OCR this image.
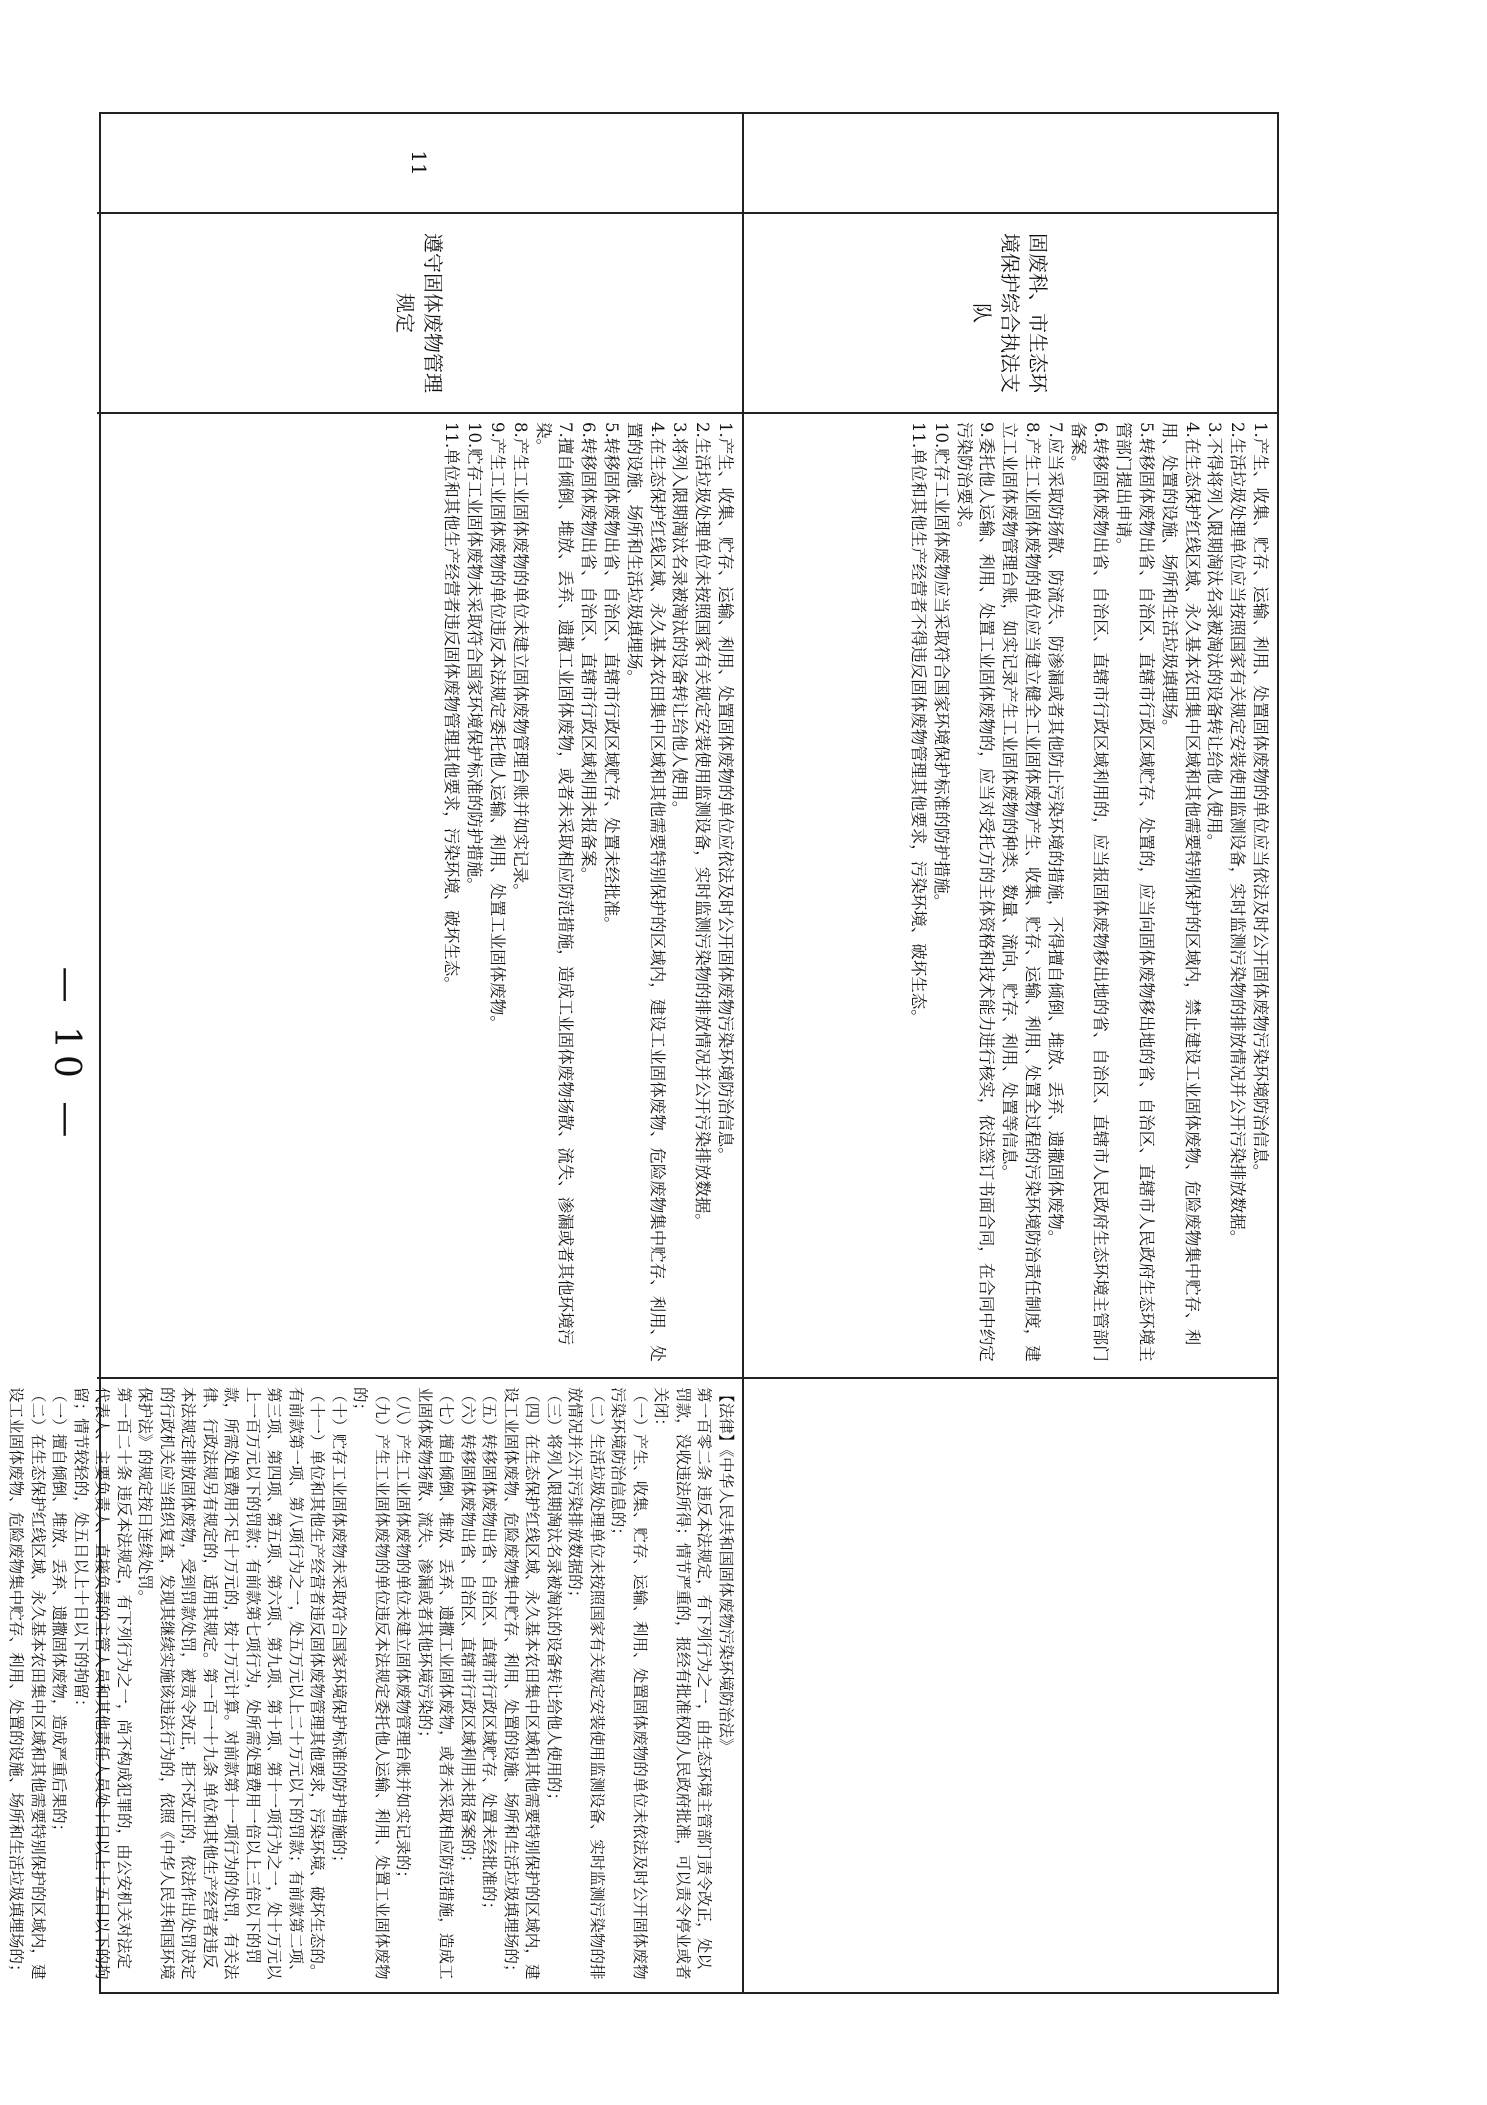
固废科、市生态环境保护综合执法支队

1.产生、收集、贮存、运输、利用、处置固体废物的单位应当依法及时公开固体废物污染环境防治信息。
2.生活垃圾处理单位应当按照国家有关规定安装使用监测设备，实时监测污染物的排放情况并公开污染排放数据。
3.不得将列入限期淘汰名录被淘汰的设备转让给他人使用。
4.在生态保护红线区域、永久基本农田集中区域和其他需要特别保护的区域内，禁止建设工业固体废物、危险废物集中贮存、利用、处置的设施、场所和生活垃圾填埋场。
5.转移固体废物出省、自治区、直辖市行政区域贮存、处置的，应当向固体废物移出地的省、自治区、直辖市人民政府生态环境主管部门提出申请。
6.转移固体废物出省、自治区、直辖市行政区域利用的，应当报固体废物移出地的省、自治区、直辖市人民政府生态环境主管部门备案。
7.应当采取防扬散、防流失、防渗漏或者其他防止污染环境的措施，不得擅自倾倒、堆放、丢弃、遗撒固体废物。
8.产生工业固体废物的单位应当建立健全工业固体废物产生、收集、贮存、运输、利用、处置全过程的污染环境防治责任制度，建立工业固体废物管理台账，如实记录产生工业固体废物的种类、数量、流向、贮存、利用、处置等信息。
9.委托他人运输、利用、处置工业固体废物的，应当对受托方的主体资格和技术能力进行核实，依法签订书面合同，在合同中约定污染防治要求。
10.贮存工业固体废物应当采取符合国家环境保护标准的防护措施。
11.单位和其他生产经营者不得违反固体废物管理其他要求，污染环境、破坏生态。

11
遵守固体废物管理规定

1.产生、收集、贮存、运输、利用、处置固体废物的单位应依法及时公开固体废物污染环境防治信息。
2.生活垃圾处理单位未按照国家有关规定安装使用监测设备，实时监测污染物的排放情况并公开污染排放数据。
3.将列入限期淘汰名录被淘汰的设备转让给他人使用。
4.在生态保护红线区域、永久基本农田集中区域和其他需要特别保护的区域内，建设工业固体废物、危险废物集中贮存、利用、处置的设施、场所和生活垃圾填埋场。
5.转移固体废物出省、自治区、直辖市行政区域贮存、处置未经批准。
6.转移固体废物出省、自治区、直辖市行政区域利用未报备案。
7.擅自倾倒、堆放、丢弃、遗撒工业固体废物，或者未采取相应防范措施，造成工业固体废物扬散、流失、渗漏或者其他环境污染。
8.产生工业固体废物的单位未建立固体废物管理台账并如实记录。
9.产生工业固体废物的单位违反本法规定委托他人运输、利用、处置工业固体废物。
10.贮存工业固体废物未采取符合国家环境保护标准的防护措施。
11.单位和其他生产经营者违反固体废物管理其他要求，污染环境、破坏生态。

【法律】《中华人民共和国固体废物污染环境防治法》
第一百零二条 违反本法规定，有下列行为之一，由生态环境主管部门责令改正，处以罚款，没收违法所得；情节严重的，报经有批准权的人民政府批准，可以责令停业或者关闭：
（一）产生、收集、贮存、运输、利用、处置固体废物的单位未依法及时公开固体废物污染环境防治信息的；
（二）生活垃圾处理单位未按照国家有关规定安装使用监测设备、实时监测污染物的排放情况并公开污染排放数据的；
（三）将列入限期淘汰名录被淘汰的设备转让给他人使用的；
（四）在生态保护红线区域、永久基本农田集中区域和其他需要特别保护的区域内，建设工业固体废物、危险废物集中贮存、利用、处置的设施、场所和生活垃圾填埋场的；
（五）转移固体废物出省、自治区、直辖市行政区域贮存、处置未经批准的；
（六）转移固体废物出省、自治区、直辖市行政区域利用未报备案的；
（七）擅自倾倒、堆放、丢弃、遗撒工业固体废物，或者未采取相应防范措施，造成工业固体废物扬散、流失、渗漏或者其他环境污染的；
（八）产生工业固体废物的单位未建立固体废物管理台账并如实记录的；
（九）产生工业固体废物的单位违反本法规定委托他人运输、利用、处置工业固体废物的；
（十）贮存工业固体废物未采取符合国家环境保护标准的防护措施的；
（十一）单位和其他生产经营者违反固体废物管理其他要求，污染环境、破坏生态的。
有前款第一项、第八项行为之一，处五万元以上二十万元以下的罚款；有前款第二项、第三项、第四项、第五项、第六项、第九项、第十项、第十一项行为之一，处十万元以上一百万元以下的罚款；有前款第七项行为，处所需处置费用一倍以上三倍以下的罚款，所需处置费用不足十万元的，按十万元计算。对前款第十一项行为的处罚，有关法律、行政法规另有规定的，适用其规定。第一百一十九条 单位和其他生产经营者违反本法规定排放固体废物，受到罚款处罚，被责令改正，拒不改正的，依法作出处罚决定的行政机关应当组织复查，发现其继续实施该违法行为的，依照《中华人民共和国环境保护法》的规定按日连续处罚。
第一百二十条 违反本法规定，有下列行为之一，尚不构成犯罪的，由公安机关对法定代表人、主要负责人、直接负责的主管人员和其他责任人员处十日以上十五日以下的拘留；情节较轻的，处五日以上十日以下的拘留：
（一）擅自倾倒、堆放、丢弃、遗撒固体废物，造成严重后果的；
（二）在生态保护红线区域、永久基本农田集中区域和其他需要特别保护的区域内，建设工业固体废物、危险废物集中贮存、利用、处置的设施、场所和生活垃圾填埋场的；

— 10 —
